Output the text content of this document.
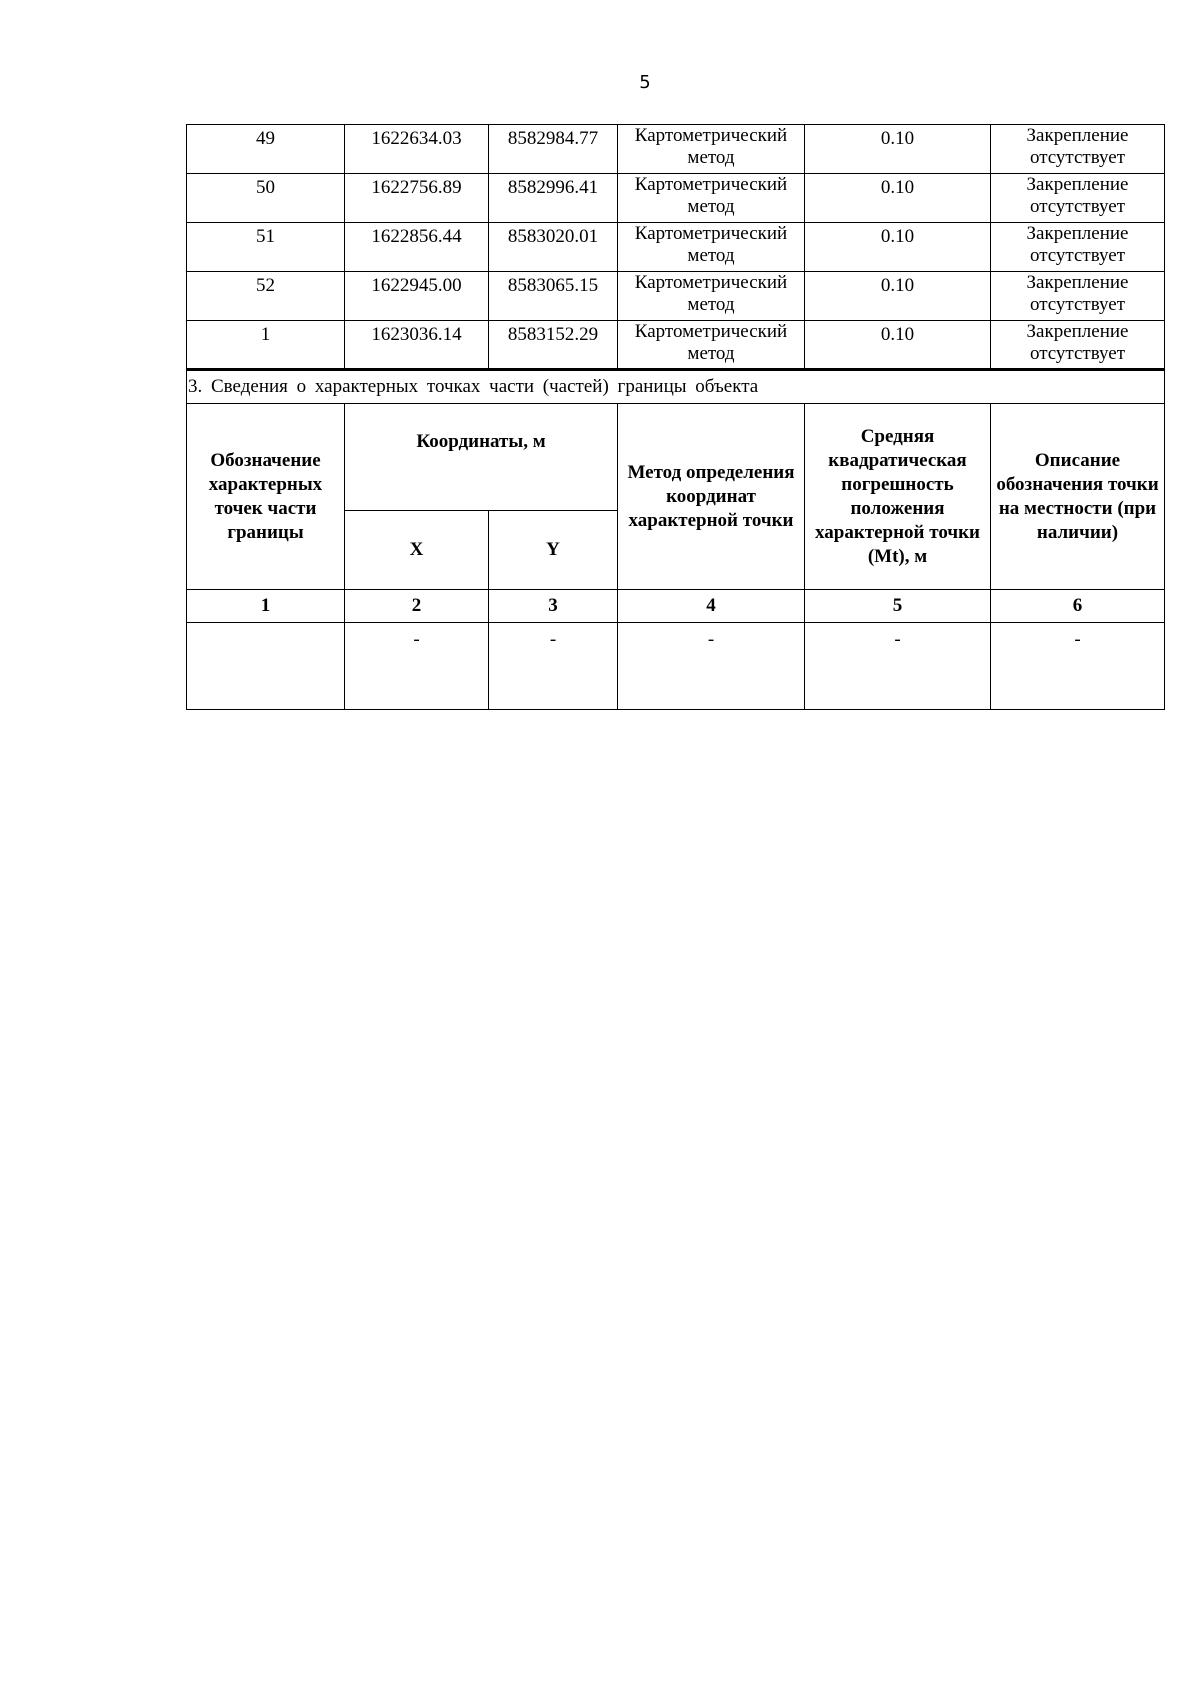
5
49	1622634.03	8582984.77	Картометрический метод	0.10	Закрепление отсутствует
50	1622756.89	8582996.41	Картометрический метод	0.10	Закрепление отсутствует
51	1622856.44	8583020.01	Картометрический метод	0.10	Закрепление отсутствует
52	1622945.00	8583065.15	Картометрический метод	0.10	Закрепление отсутствует
1	1623036.14	8583152.29	Картометрический метод	0.10	Закрепление отсутствует
3. Сведения о характерных точках части (частей) границы объекта					
Обозначение характерных точек части границы	Координаты, м		Метод определения координат характерной точки	Средняя квадратическая погрешность положения характерной точки (Mt), м	Описание обозначения точки на местности (при наличии)
	X	Y			
1	2	3	4	5	6
	-	-	-	-	-
